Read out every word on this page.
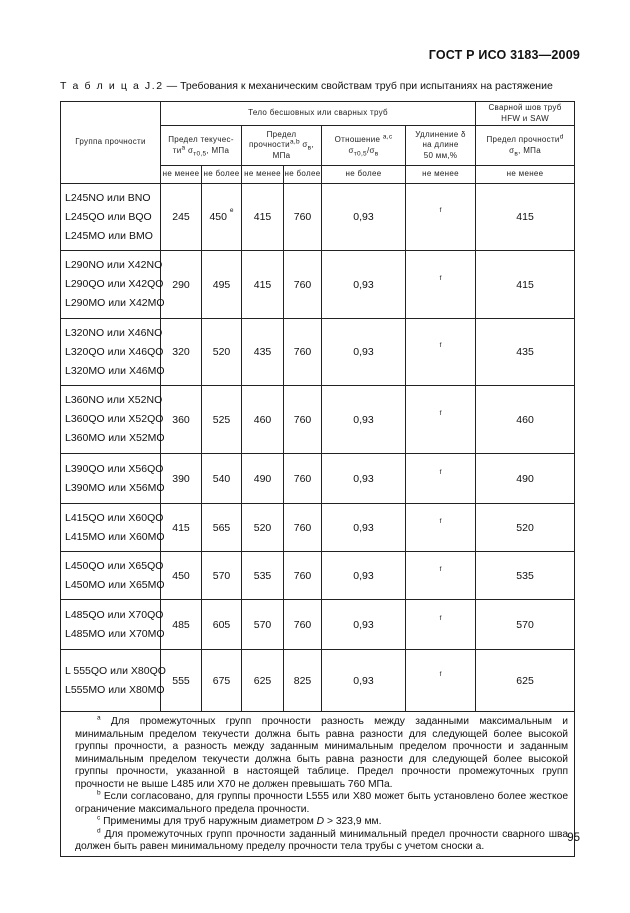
ГОСТ Р ИСО 3183—2009
Т а б л и ц а J.2 — Требования к механическим свойствам труб при испытаниях на растяжение
Группа прочности	Тело бесшовных или сварных труб						Сварной шов труб
HFW и SAW
	Предел текучес-
$ти^а$ $\sigma_{т0,5}$, МПа		Предел
прочности$^{a,b}$ $\sigma_в$,
МПа		Отношение $^{a,c}$
$\sigma_{т0,5}/\sigma_в$	Удлинение δ
на длине
50 мм,%	Предел прочности$^d$
$\sigma_в$, МПа
	не менее	не более	не менее	не более	не более	не менее	не менее

L245NO или BNO
L245QO или BQO
L245MO или BMO	245	450 $^e$	415	760	0,93	$^f$	415

L290NO или X42NO
L290QO или X42QO
L290MO или X42MO	290	495	415	760	0,93	$^f$	415

L320NO или X46NO
L320QO или X46QO
L320MO или X46MO	320	520	435	760	0,93	$^f$	435

L360NO или X52NO
L360QO или X52QO
L360MO или X52MO	360	525	460	760	0,93	$^f$	460

L390QO или X56QO
L390MO или X56MO	390	540	490	760	0,93	$^f$	490

L415QO или X60QO
L415MO или X60MO	415	565	520	760	0,93	$^f$	520

L450QO или X65QO
L450MO или X65MO	450	570	535	760	0,93	$^f$	535

L485QO или X70QO
L485MO или X70MO	485	605	570	760	0,93	$^f$	570

L 555QO или X80QO
L555MO или X80MO	555	675	625	825	0,93	$^f$	625

$^a$ Для промежуточных групп прочности разность между заданными максимальным и минимальным пределом текучести должна быть равна разности для следующей более высокой группы прочности, а разность между заданным минимальным пределом прочности и заданным минимальным пределом текучести должна быть равна разности для следующей более высокой группы прочности, указанной в настоящей таблице. Предел прочности промежуточных групп прочности не выше L485 или X70 не должен превышать 760 МПа.

$^b$ Если согласовано, для группы прочности L555 или X80 может быть установлено более жесткое ограничение максимального предела прочности.

$^c$ Применимы для труб наружным диаметром D > 323,9 мм.

$^d$ Для промежуточных групп прочности заданный минимальный предел прочности сварного шва должен быть равен минимальному пределу прочности тела трубы с учетом сноски a.							

95
